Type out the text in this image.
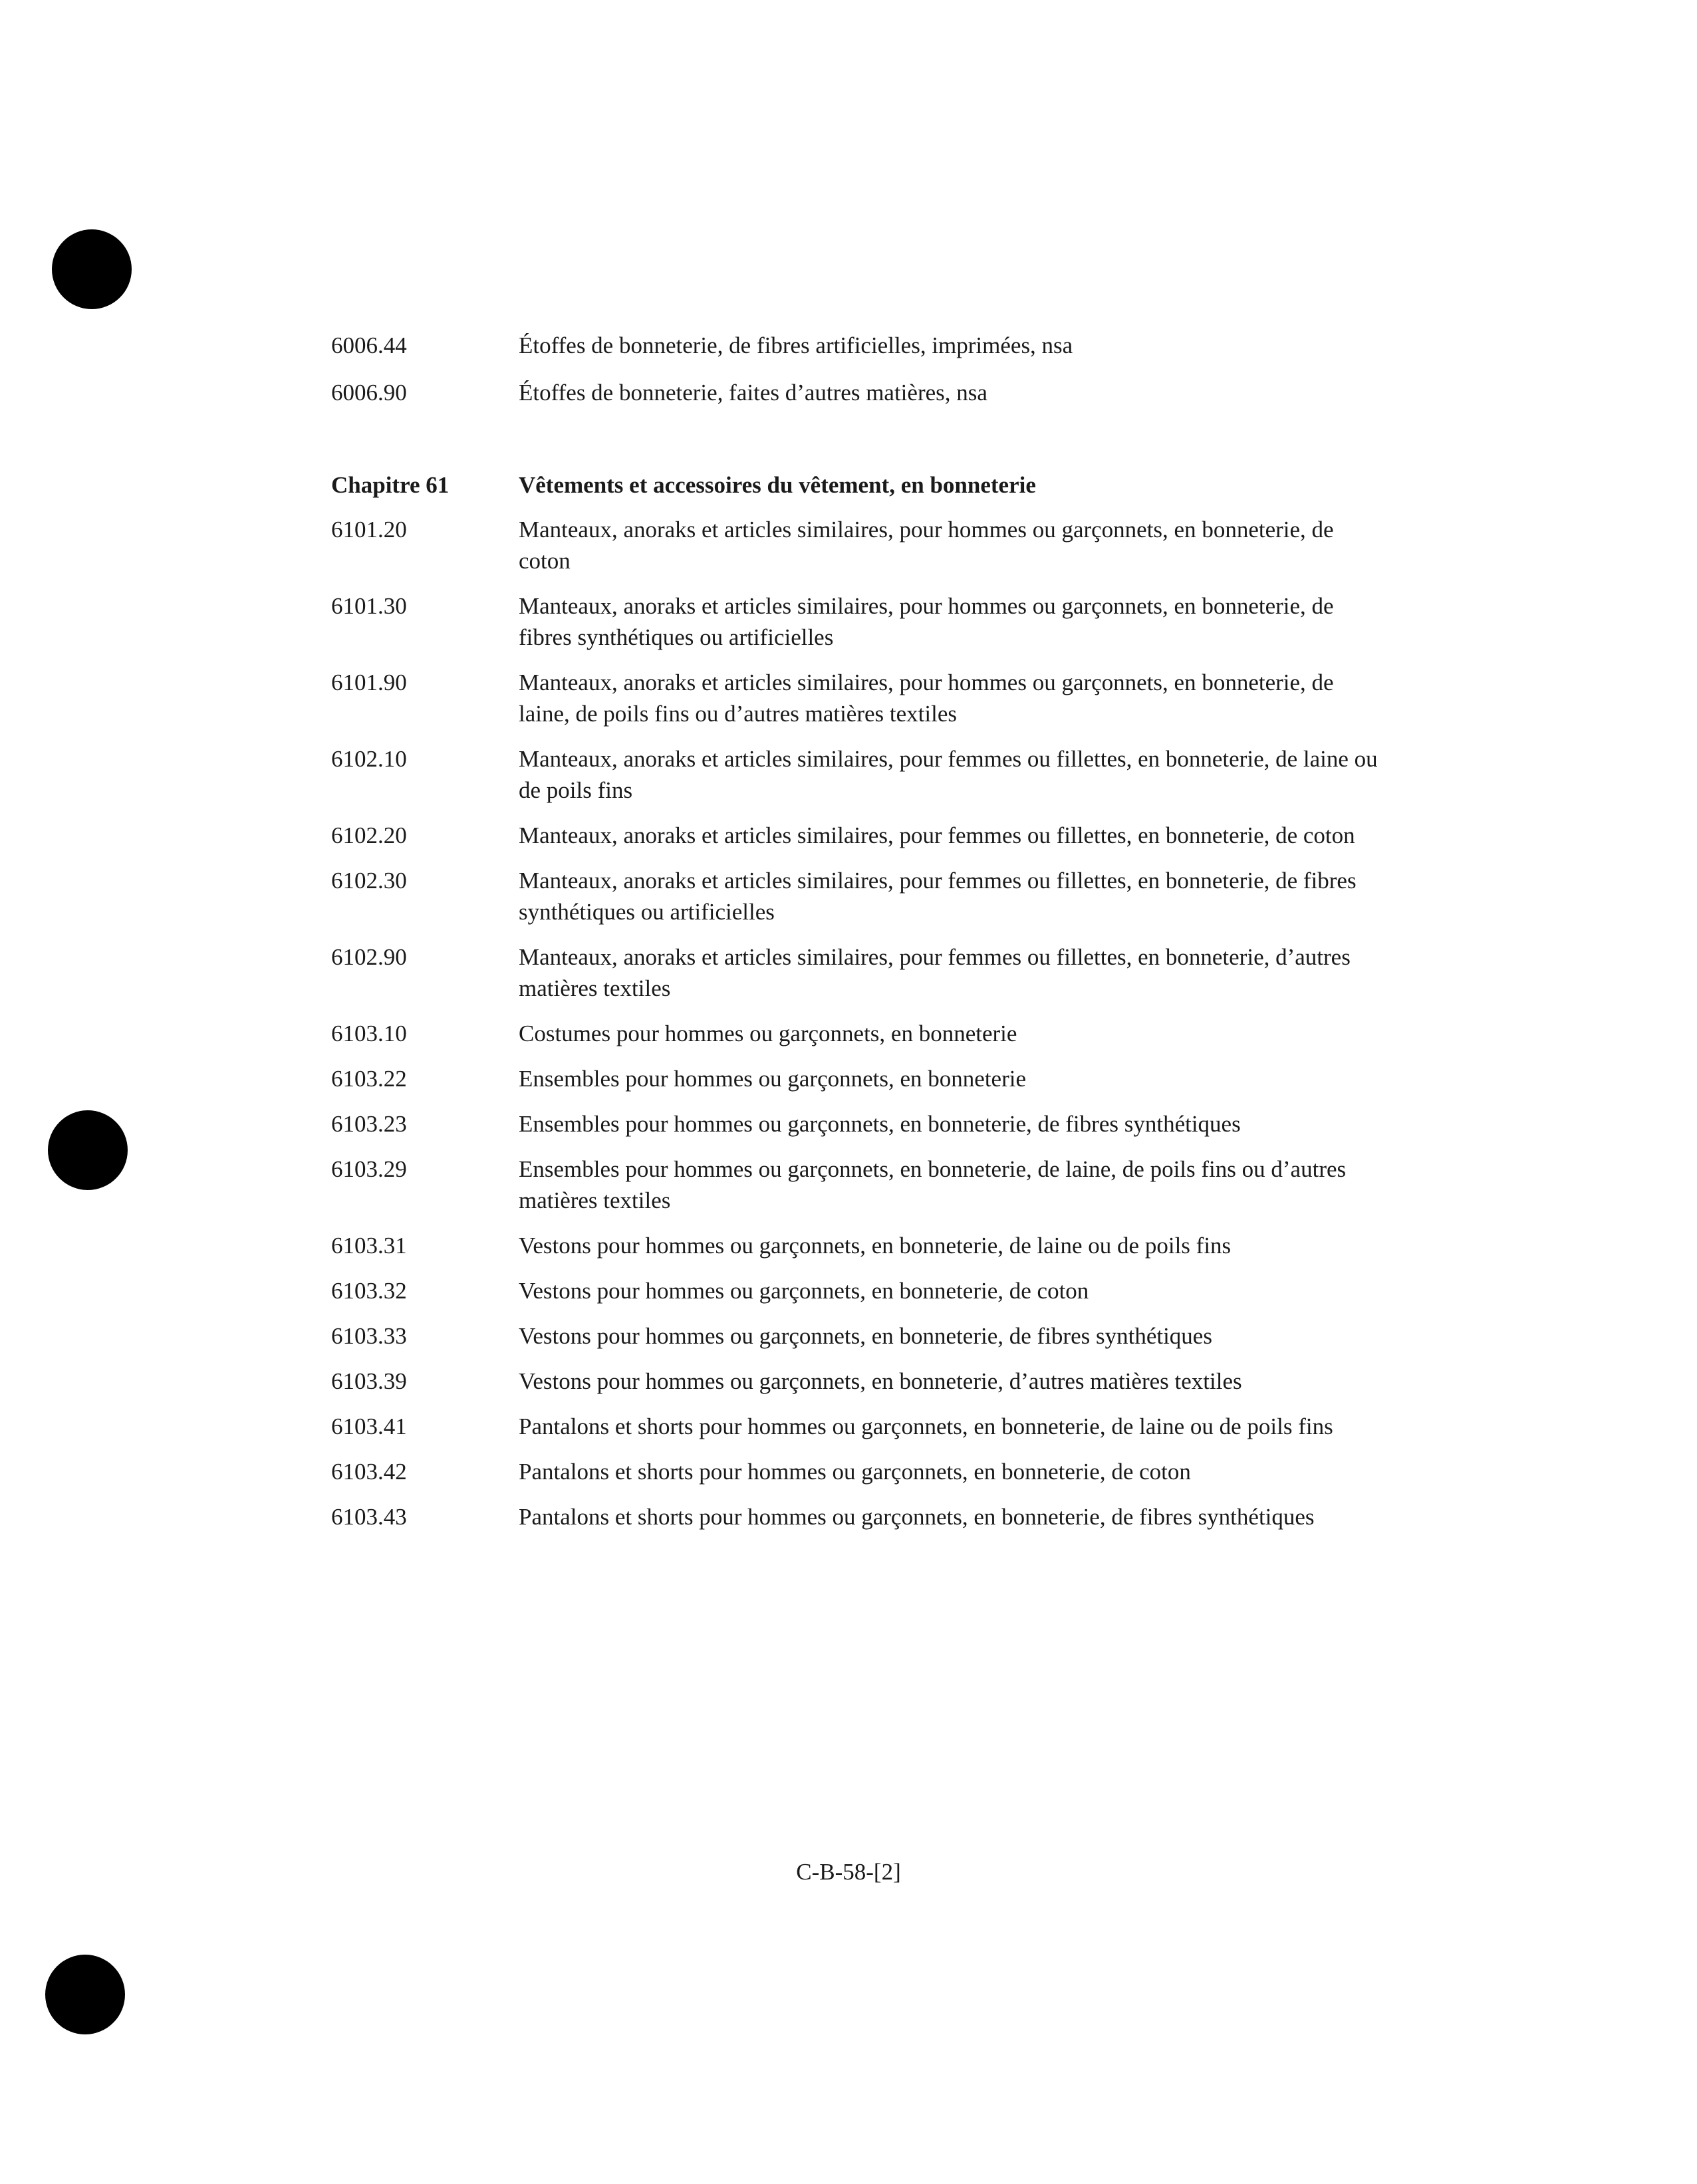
6006.44	Étoffes de bonneterie, de fibres artificielles, imprimées, nsa
6006.90	Étoffes de bonneterie, faites d’autres matières, nsa
Chapitre 61	Vêtements et accessoires du vêtement, en bonneterie
6101.20	Manteaux, anoraks et articles similaires, pour hommes ou garçonnets, en bonneterie, de coton
6101.30	Manteaux, anoraks et articles similaires, pour hommes ou garçonnets, en bonneterie, de fibres synthétiques ou artificielles
6101.90	Manteaux, anoraks et articles similaires, pour hommes ou garçonnets, en bonneterie, de laine, de poils fins ou d’autres matières textiles
6102.10	Manteaux, anoraks et articles similaires, pour femmes ou fillettes, en bonneterie, de laine ou de poils fins
6102.20	Manteaux, anoraks et articles similaires, pour femmes ou fillettes, en bonneterie, de coton
6102.30	Manteaux, anoraks et articles similaires, pour femmes ou fillettes, en bonneterie, de fibres synthétiques ou artificielles
6102.90	Manteaux, anoraks et articles similaires, pour femmes ou fillettes, en bonneterie, d’autres matières textiles
6103.10	Costumes pour hommes ou garçonnets, en bonneterie
6103.22	Ensembles pour hommes ou garçonnets, en bonneterie
6103.23	Ensembles pour hommes ou garçonnets, en bonneterie, de fibres synthétiques
6103.29	Ensembles pour hommes ou garçonnets, en bonneterie, de laine, de poils fins ou d’autres matières textiles
6103.31	Vestons pour hommes ou garçonnets, en bonneterie, de laine ou de poils fins
6103.32	Vestons pour hommes ou garçonnets, en bonneterie, de coton
6103.33	Vestons pour hommes ou garçonnets, en bonneterie, de fibres synthétiques
6103.39	Vestons pour hommes ou garçonnets, en bonneterie, d’autres matières textiles
6103.41	Pantalons et shorts pour hommes ou garçonnets, en bonneterie, de laine ou de poils fins
6103.42	Pantalons et shorts pour hommes ou garçonnets, en bonneterie, de coton
6103.43	Pantalons et shorts pour hommes ou garçonnets, en bonneterie, de fibres synthétiques
C-B-58-[2]
